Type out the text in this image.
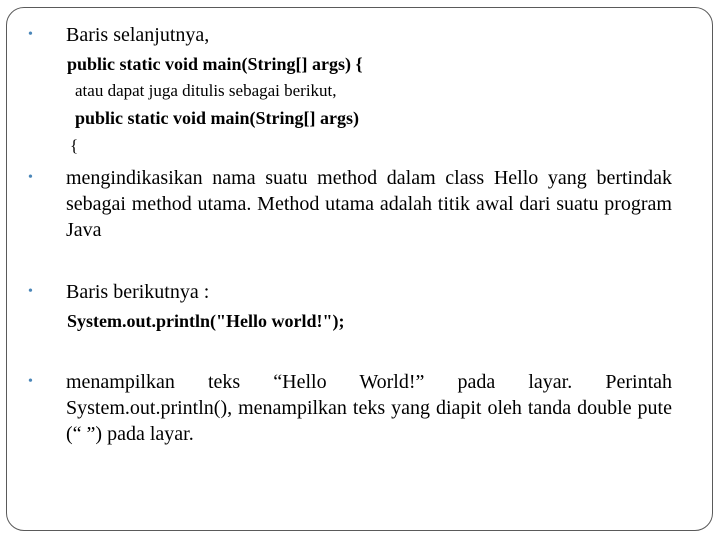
•	Baris selanjutnya,
public static void main(String[] args) {
atau dapat juga ditulis sebagai berikut,
public static void main(String[] args)
{
•	mengindikasikan nama suatu method dalam class Hello yang bertindak sebagai method utama. Method utama adalah titik awal dari suatu program Java
•	Baris berikutnya :
System.out.println("Hello world!");
•	menampilkan teks “Hello World!” pada layar. Perintah System.out.println(), menampilkan teks yang diapit oleh tanda double pute (“ ”) pada layar.
